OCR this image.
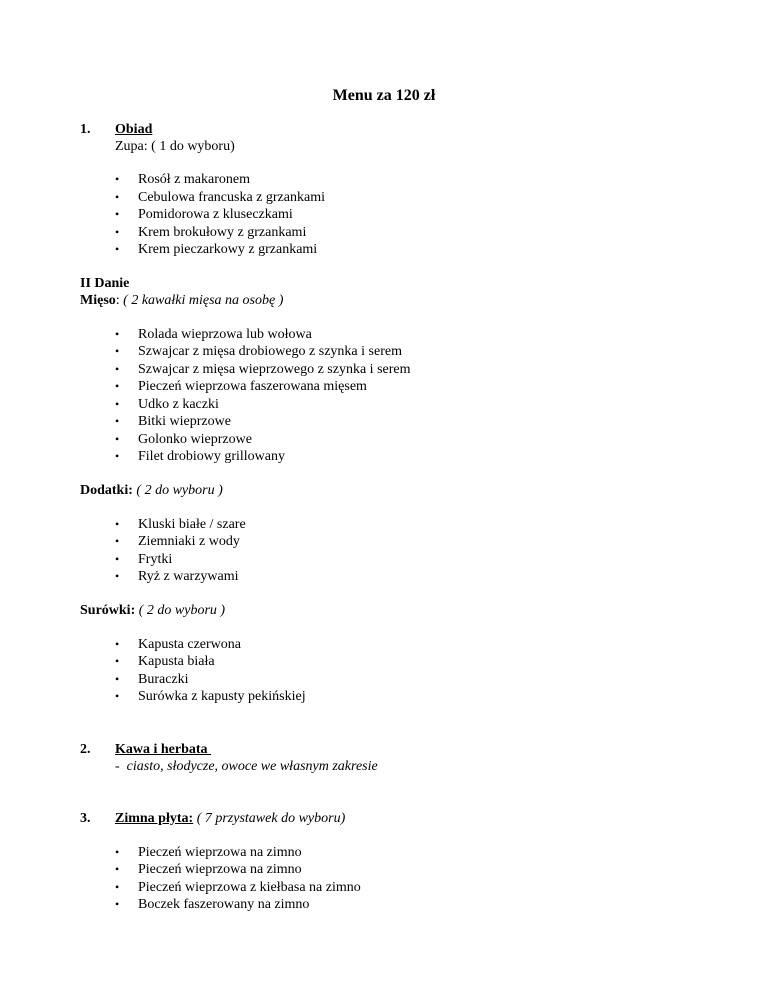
Menu za 120 zł
1. Obiad
Zupa: ( 1 do wyboru)
• Rosół z makaronem
• Cebulowa francuska z grzankami
• Pomidorowa z kluseczkami
• Krem brokułowy z grzankami
• Krem pieczarkowy z grzankami
II Danie
Mięso: ( 2 kawałki mięsa na osobę )
• Rolada wieprzowa lub wołowa
• Szwajcar z mięsa drobiowego z szynka i serem
• Szwajcar z mięsa wieprzowego z szynka i serem
• Pieczeń wieprzowa faszerowana mięsem
• Udko z kaczki
• Bitki wieprzowe
• Golonko wieprzowe
• Filet drobiowy grillowany
Dodatki: ( 2 do wyboru )
• Kluski białe / szare
• Ziemniaki z wody
• Frytki
• Ryż z warzywami
Surówki: ( 2 do wyboru )
• Kapusta czerwona
• Kapusta biała
• Buraczki
• Surówka z kapusty pekińskiej
2. Kawa i herbata
-  ciasto, słodycze, owoce we własnym zakresie
3. Zimna płyta: ( 7 przystawek do wyboru)
• Pieczeń wieprzowa na zimno
• Pieczeń wieprzowa na zimno
• Pieczeń wieprzowa z kiełbasa na zimno
• Boczek faszerowany na zimno
